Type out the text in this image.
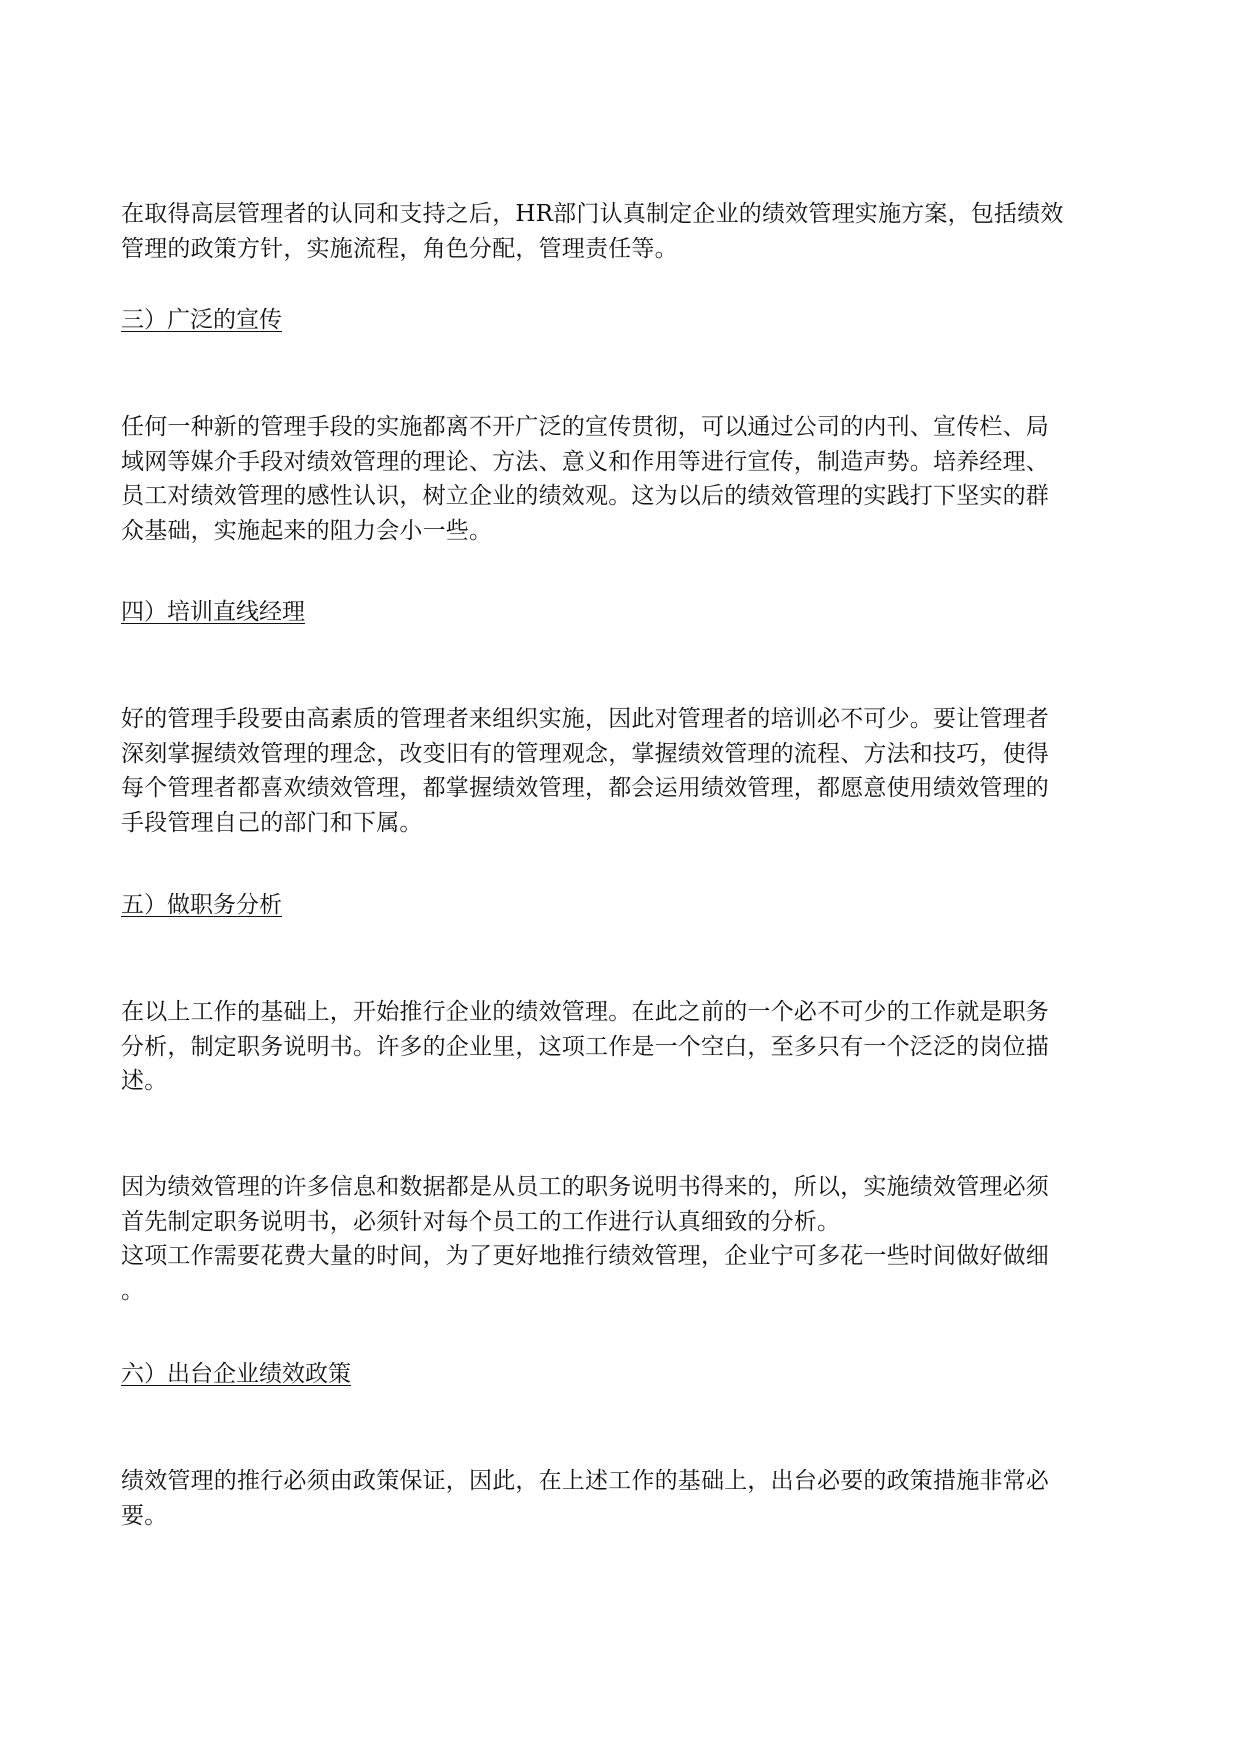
在取得高层管理者的认同和支持之后，HR部门认真制定企业的绩效管理实施方案，包括绩效
管理的政策方针，实施流程，角色分配，管理责任等。

三）广泛的宣传

任何一种新的管理手段的实施都离不开广泛的宣传贯彻，可以通过公司的内刊、宣传栏、局
域网等媒介手段对绩效管理的理论、方法、意义和作用等进行宣传，制造声势。培养经理、
员工对绩效管理的感性认识，树立企业的绩效观。这为以后的绩效管理的实践打下坚实的群
众基础，实施起来的阻力会小一些。

四）培训直线经理

好的管理手段要由高素质的管理者来组织实施，因此对管理者的培训必不可少。要让管理者
深刻掌握绩效管理的理念，改变旧有的管理观念，掌握绩效管理的流程、方法和技巧，使得
每个管理者都喜欢绩效管理，都掌握绩效管理，都会运用绩效管理，都愿意使用绩效管理的
手段管理自己的部门和下属。

五）做职务分析

在以上工作的基础上，开始推行企业的绩效管理。在此之前的一个必不可少的工作就是职务
分析，制定职务说明书。许多的企业里，这项工作是一个空白，至多只有一个泛泛的岗位描
述。

因为绩效管理的许多信息和数据都是从员工的职务说明书得来的，所以，实施绩效管理必须
首先制定职务说明书，必须针对每个员工的工作进行认真细致的分析。
这项工作需要花费大量的时间，为了更好地推行绩效管理，企业宁可多花一些时间做好做细
。

六）出台企业绩效政策

绩效管理的推行必须由政策保证，因此，在上述工作的基础上，出台必要的政策措施非常必
要。
